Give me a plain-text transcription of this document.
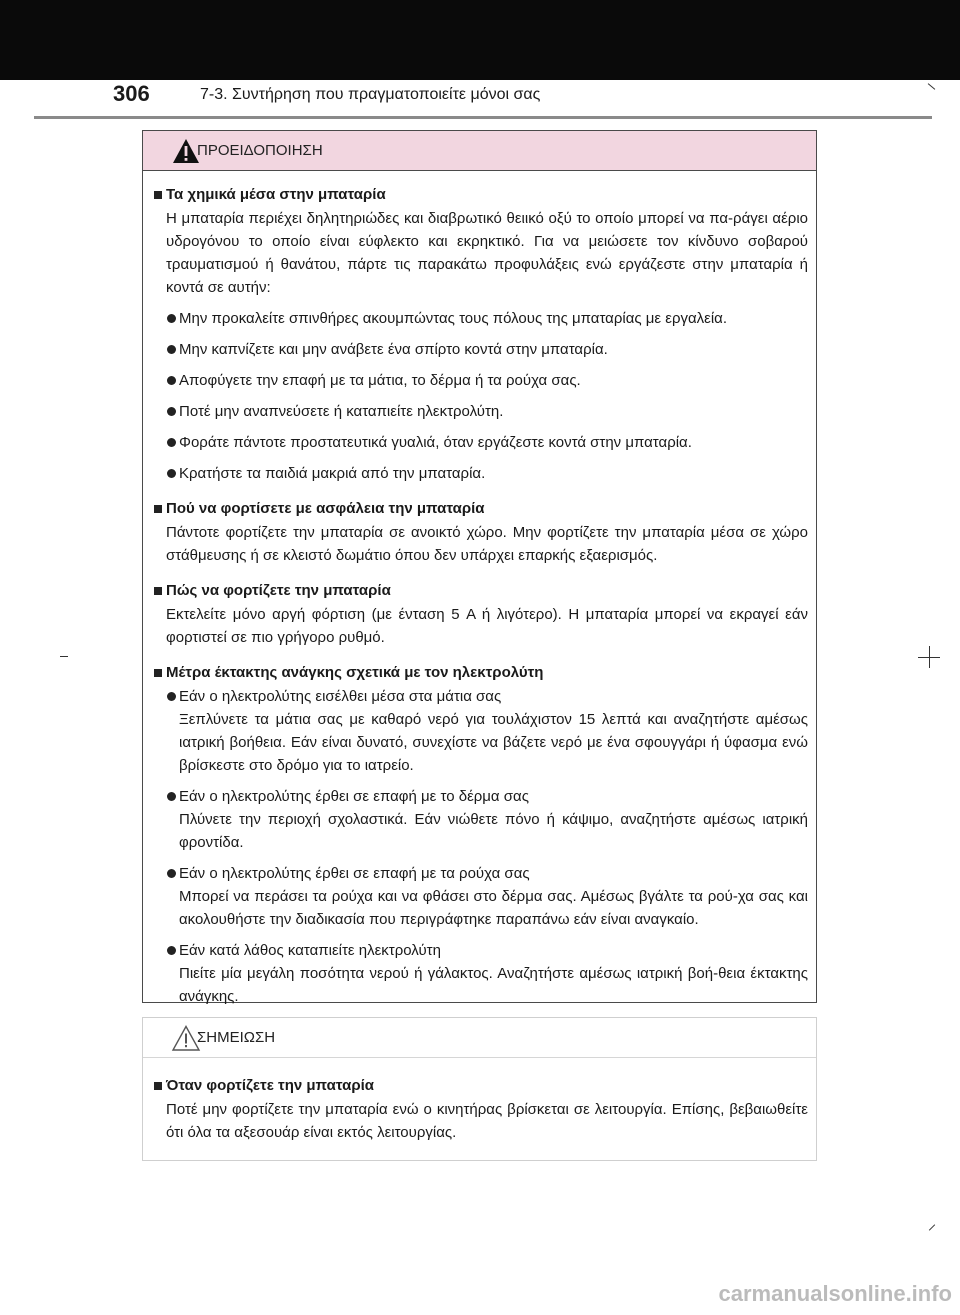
306	7-3. Συντήρηση που πραγματοποιείτε μόνοι σας
ΠΡΟΕΙΔΟΠΟΙΗΣΗ
Τα χημικά μέσα στην μπαταρία
Η μπαταρία περιέχει δηλητηριώδες και διαβρωτικό θειικό οξύ το οποίο μπορεί να πα-ράγει αέριο υδρογόνου το οποίο είναι εύφλεκτο και εκρηκτικό. Για να μειώσετε τον κίνδυνο σοβαρού τραυματισμού ή θανάτου, πάρτε τις παρακάτω προφυλάξεις ενώ εργάζεστε στην μπαταρία ή κοντά σε αυτήν:
Μην προκαλείτε σπινθήρες ακουμπώντας τους πόλους της μπαταρίας με εργαλεία.
Μην καπνίζετε και μην ανάβετε ένα σπίρτο κοντά στην μπαταρία.
Αποφύγετε την επαφή με τα μάτια, το δέρμα ή τα ρούχα σας.
Ποτέ μην αναπνεύσετε ή καταπιείτε ηλεκτρολύτη.
Φοράτε πάντοτε προστατευτικά γυαλιά, όταν εργάζεστε κοντά στην μπαταρία.
Κρατήστε τα παιδιά μακριά από την μπαταρία.
Πού να φορτίσετε με ασφάλεια την μπαταρία
Πάντοτε φορτίζετε την μπαταρία σε ανοικτό χώρο. Μην φορτίζετε την μπαταρία μέσα σε χώρο στάθμευσης ή σε κλειστό δωμάτιο όπου δεν υπάρχει επαρκής εξαερισμός.
Πώς να φορτίζετε την μπαταρία
Εκτελείτε μόνο αργή φόρτιση (με ένταση 5 A ή λιγότερο). Η μπαταρία μπορεί να εκραγεί εάν φορτιστεί σε πιο γρήγορο ρυθμό.
Μέτρα έκτακτης ανάγκης σχετικά με τον ηλεκτρολύτη
Εάν ο ηλεκτρολύτης εισέλθει μέσα στα μάτια σας
Ξεπλύνετε τα μάτια σας με καθαρό νερό για τουλάχιστον 15 λεπτά και αναζητήστε αμέσως ιατρική βοήθεια. Εάν είναι δυνατό, συνεχίστε να βάζετε νερό με ένα σφουγγάρι ή ύφασμα ενώ βρίσκεστε στο δρόμο για το ιατρείο.
Εάν ο ηλεκτρολύτης έρθει σε επαφή με το δέρμα σας
Πλύνετε την περιοχή σχολαστικά. Εάν νιώθετε πόνο ή κάψιμο, αναζητήστε αμέσως ιατρική φροντίδα.
Εάν ο ηλεκτρολύτης έρθει σε επαφή με τα ρούχα σας
Μπορεί να περάσει τα ρούχα και να φθάσει στο δέρμα σας. Αμέσως βγάλτε τα ρού-χα σας και ακολουθήστε την διαδικασία που περιγράφτηκε παραπάνω εάν είναι αναγκαίο.
Εάν κατά λάθος καταπιείτε ηλεκτρολύτη
Πιείτε μία μεγάλη ποσότητα νερού ή γάλακτος. Αναζητήστε αμέσως ιατρική βοή-θεια έκτακτης ανάγκης.
ΣΗΜΕΙΩΣΗ
Όταν φορτίζετε την μπαταρία
Ποτέ μην φορτίζετε την μπαταρία ενώ ο κινητήρας βρίσκεται σε λειτουργία. Επίσης, βεβαιωθείτε ότι όλα τα αξεσουάρ είναι εκτός λειτουργίας.
carmanualsonline.info
